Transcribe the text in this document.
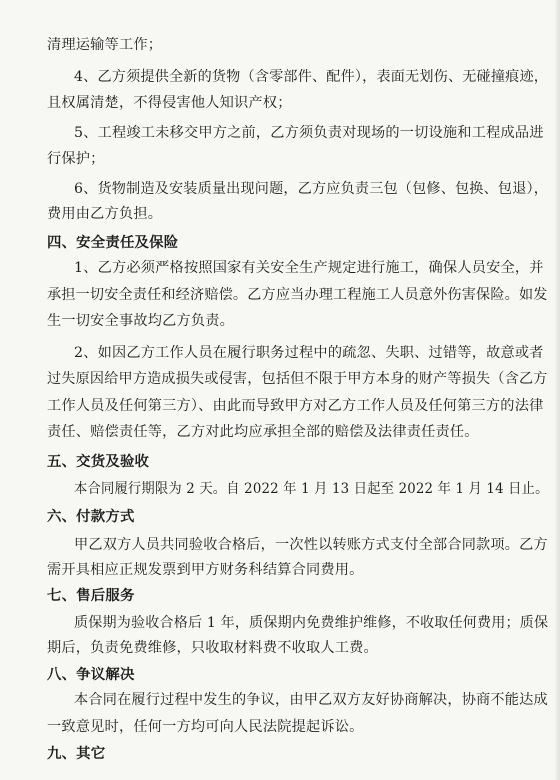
清理运输等工作；
4、乙方须提供全新的货物（含零部件、配件），表面无划伤、无碰撞痕迹，
且权属清楚，不得侵害他人知识产权；
5、工程竣工未移交甲方之前，乙方须负责对现场的一切设施和工程成品进
行保护；
6、货物制造及安装质量出现问题，乙方应负责三包（包修、包换、包退），
费用由乙方负担。
四、安全责任及保险
1、乙方必须严格按照国家有关安全生产规定进行施工，确保人员安全，并
承担一切安全责任和经济赔偿。乙方应当办理工程施工人员意外伤害保险。如发
生一切安全事故均乙方负责。
2、如因乙方工作人员在履行职务过程中的疏忽、失职、过错等，故意或者
过失原因给甲方造成损失或侵害，包括但不限于甲方本身的财产等损失（含乙方
工作人员及任何第三方）、由此而导致甲方对乙方工作人员及任何第三方的法律
责任、赔偿责任等，乙方对此均应承担全部的赔偿及法律责任责任。
五、交货及验收
本合同履行期限为 2 天。自 2022 年 1 月 13 日起至 2022 年 1 月 14 日止。
六、付款方式
甲乙双方人员共同验收合格后，一次性以转账方式支付全部合同款项。乙方
需开具相应正规发票到甲方财务科结算合同费用。
七、售后服务
质保期为验收合格后 1 年，质保期内免费维护维修，不收取任何费用；质保
期后，负责免费维修，只收取材料费不收取人工费。
八、争议解决
本合同在履行过程中发生的争议，由甲乙双方友好协商解决，协商不能达成
一致意见时，任何一方均可向人民法院提起诉讼。
九、其它
